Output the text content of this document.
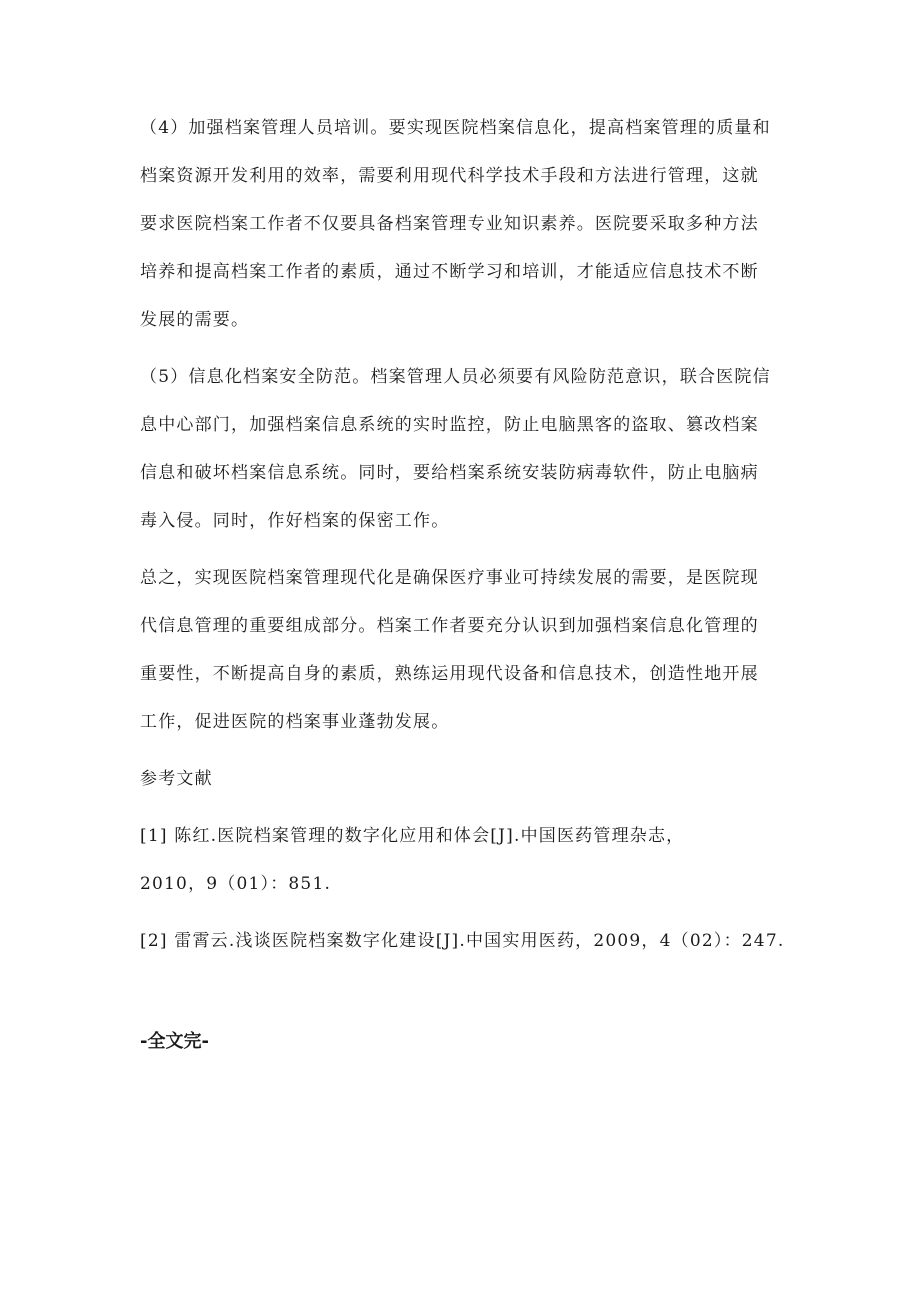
（4）加强档案管理人员培训。要实现医院档案信息化，提高档案管理的质量和
档案资源开发利用的效率，需要利用现代科学技术手段和方法进行管理，这就
要求医院档案工作者不仅要具备档案管理专业知识素养。医院要采取多种方法
培养和提高档案工作者的素质，通过不断学习和培训，才能适应信息技术不断
发展的需要。
（5）信息化档案安全防范。档案管理人员必须要有风险防范意识，联合医院信
息中心部门，加强档案信息系统的实时监控，防止电脑黑客的盗取、篡改档案
信息和破坏档案信息系统。同时，要给档案系统安装防病毒软件，防止电脑病
毒入侵。同时，作好档案的保密工作。
总之，实现医院档案管理现代化是确保医疗事业可持续发展的需要，是医院现
代信息管理的重要组成部分。档案工作者要充分认识到加强档案信息化管理的
重要性，不断提高自身的素质，熟练运用现代设备和信息技术，创造性地开展
工作，促进医院的档案事业蓬勃发展。
参考文献
[1] 陈红.医院档案管理的数字化应用和体会[J].中国医药管理杂志，
2010，9（01）：851.
[2] 雷霄云.浅谈医院档案数字化建设[J].中国实用医药，2009，4（02）：247.
-全文完-
